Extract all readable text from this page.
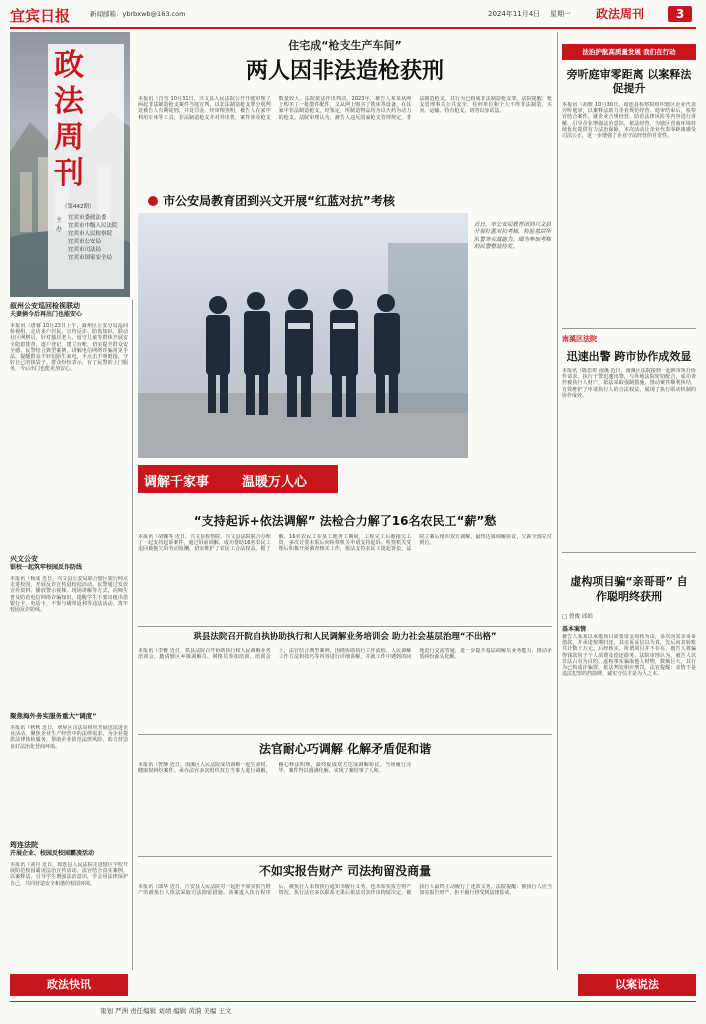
宜宾日报	新闻邮箱：ybrbxwb@163.com	2024年11月4日 星期一 政法周刊	3
政法周刊
（第442期）
主办
宜宾市委政法委
宜宾市中级人民法院
宜宾市人民检察院
宜宾市公安局
宜宾市司法局
宜宾市国家安全局
住宅成“枪支生产车间”
两人因非法造枪获刑
本报讯（肖雪 10月31日，兴文县人民法院公开开庭审理了两起非法制造枪支案件当庭宣判，以非法制造枪支罪分别判处被告人有期徒刑，并处罚金。经审理查明，被告人在家中利用车床等工具，非法制造枪支并对外出售，案件涉及枪支数量较大。法院依法作出判决。2023年，被告人某某从网上购买了一批散件配件，又从网上购买了铣床等设备，在其家中非法制造枪支。经鉴定，所制造物品均为以火药为动力的枪支。法院审理认为，被告人违反国家枪支管理规定，非法制造枪支，其行为已构成非法制造枪支罪。法院提醒：枪支管理事关公共安全，任何单位和个人不得非法制造、买卖、运输、持有枪支，切勿以身试法。
市公安局教育团到兴文开展“红蓝对抗”考核
近日，市公安局教育团到兴文县开展红蓝对抗考核，检验基层所队警务实战能力。图为参加考核的民警整装待发。
叙州公安巡回检视联动
夫妻俩今后再出门也能安心
本报讯（唐睿 10月23日上午，叙州区公安分局巡回检视组，走访多户居民，宣传反诈、防盗知识，联动社区网格员，针对独居老人、留守儿童等群体开展安全隐患排查，逐户登记，建立台账，切实提升群众安全感。民警结合典型案例，讲解电信网络诈骗常见手法，提醒群众不轻信陌生来电，不点击不明链接，守好自己的钱袋子。群众纷纷表示，有了民警的上门服务，今后出门也能更加安心。
兴文公安
银校一起筑牢校园反诈防线
本报讯（杨成 近日，兴文县公安局联合辖区银行网点走进校园，开展反诈宣传进校园活动。民警通过发放宣传资料、播放警示视频、现场讲解等方式，向师生普及防范电信网络诈骗知识，提醒学生不要出租出借银行卡、电话卡，不参与刷单返利等违法活动，筑牢校园反诈防线。
聚焦海外务实服务重大“调度”
本报讯（秋秋 近日，翠屏区司法局组织开展送法进企业活动，聚焦企业生产经营中的法律需求，为企业提供法律体检服务，帮助企业防范法律风险，助力营造良好法治化营商环境。
筠连法院
开展企业、校园反校园霸凌活动
本报讯（刘丹 近日，筠连县人民法院走进辖区学校开展防范校园霸凌法治宣传活动，法官结合真实案例，以案释法，引导学生增强法治意识，学会用法律保护自己，共同营造安全和谐的校园环境。
调解千家事	温暖万人心
“支持起诉+依法调解” 法检合力解了16名农民工“薪”愁
本报讯（胡娜等 近日，兴文县检察院、兴文县法院联合办理了一起支持起诉案件，通过诉前调解，成功帮助16名农民工追回被拖欠的劳动报酬，切实维护了农民工合法权益。据了解，16名农民工在某工地务工期间，工程完工后被拖欠工资，多次讨要未果后向检察机关申请支持起诉。检察机关受理后积极开展调查核实工作，依法支持农民工提起诉讼，法院立案后组织双方调解，最终达成调解协议，欠薪全部兑付到位。
珙县法院召开院自执协助执行和人民调解业务培训会 助力社会基层治理“不出格”
本报讯（李雅 近日，珙县法院召开协助执行和人民调解业务培训会，邀请辖区乡镇调解员、网格员参加培训。培训会上，法官结合典型案例，围绕协助执行工作流程、人民调解工作方法和技巧等内容进行详细讲解，并就工作中遇到的问题进行交流答疑，进一步提升基层调解员业务能力，推动矛盾纠纷源头化解。
法官耐心巧调解 化解矛盾促和谐
本报讯（曾静 近日，南溪区人民法院成功调解一起生命权、健康权纠纷案件。承办法官多次组织双方当事人进行调解，耐心释法明理，最终促成双方达成调解协议，当场履行完毕，案件得以圆满化解，实现了案结事了人和。
不如实报告财产 司法拘留没商量
本报讯（邱华 近日，江安县人民法院对一起拒不如实报告财产的被执行人依法采取司法拘留措施。该案进入执行程序后，被执行人未按执行通知书履行义务，也未如实报告财产情况。执行法官多次联系无果后依法对其作出拘留决定，被执行人最终主动履行了还款义务。法院提醒：被执行人应当如实报告财产，拒不履行将受到法律惩戒。
法治护航高质量发展 我们在行动
旁听庭审零距离 以案释法促提升
本报讯（胡媛 10月30日，筠连县检察院组织辖区企业代表旁听庭审，以案释法助力企业规范经营。庭审结束后，检察官结合案件，就企业合规经营、防范法律风险等内容进行讲解，引导企业增强法治意识，依法经营，为辖区营商环境持续优化提供有力法治保障。本次活动让企业代表零距离感受司法公正，进一步增强了企业守法经营的自觉性。
南溪区法院
迅速出警 跨市协作成效显
本报讯（陈思琪 南溪 近日，南溪区法院接到一起跨市执行协作请求，执行干警迅速出警，与外地法院密切配合，成功查控被执行人财产，依法采取强制措施，推动案件顺利执结，有效维护了申请执行人的合法权益，展现了执行联动机制的协作成效。
虚构项目骗“亲哥哥” 自作聪明终获刑
□ 曾俊 邱娟
基本案情
被告人某某以承揽项目需要资金周转为由，多次向其亲哥哥借款，并承诺按期归还。其亲哥哥信以为真，先后向其转账共计数十万元。后经核实，所谓项目并不存在，被告人将骗得钱款用于个人消费及偿还债务。法院审理认为，被告人以非法占有为目的，虚构事实骗取他人财物，数额巨大，其行为已构成诈骗罪，依法判处相应刑罚。法官提醒：亲情不是违法犯罪的挡箭牌，诚实守信才是为人之本。
政法快讯	以案说法
策划 严洲 责任编辑 刘靖 编辑 黄漪 美编 王文
